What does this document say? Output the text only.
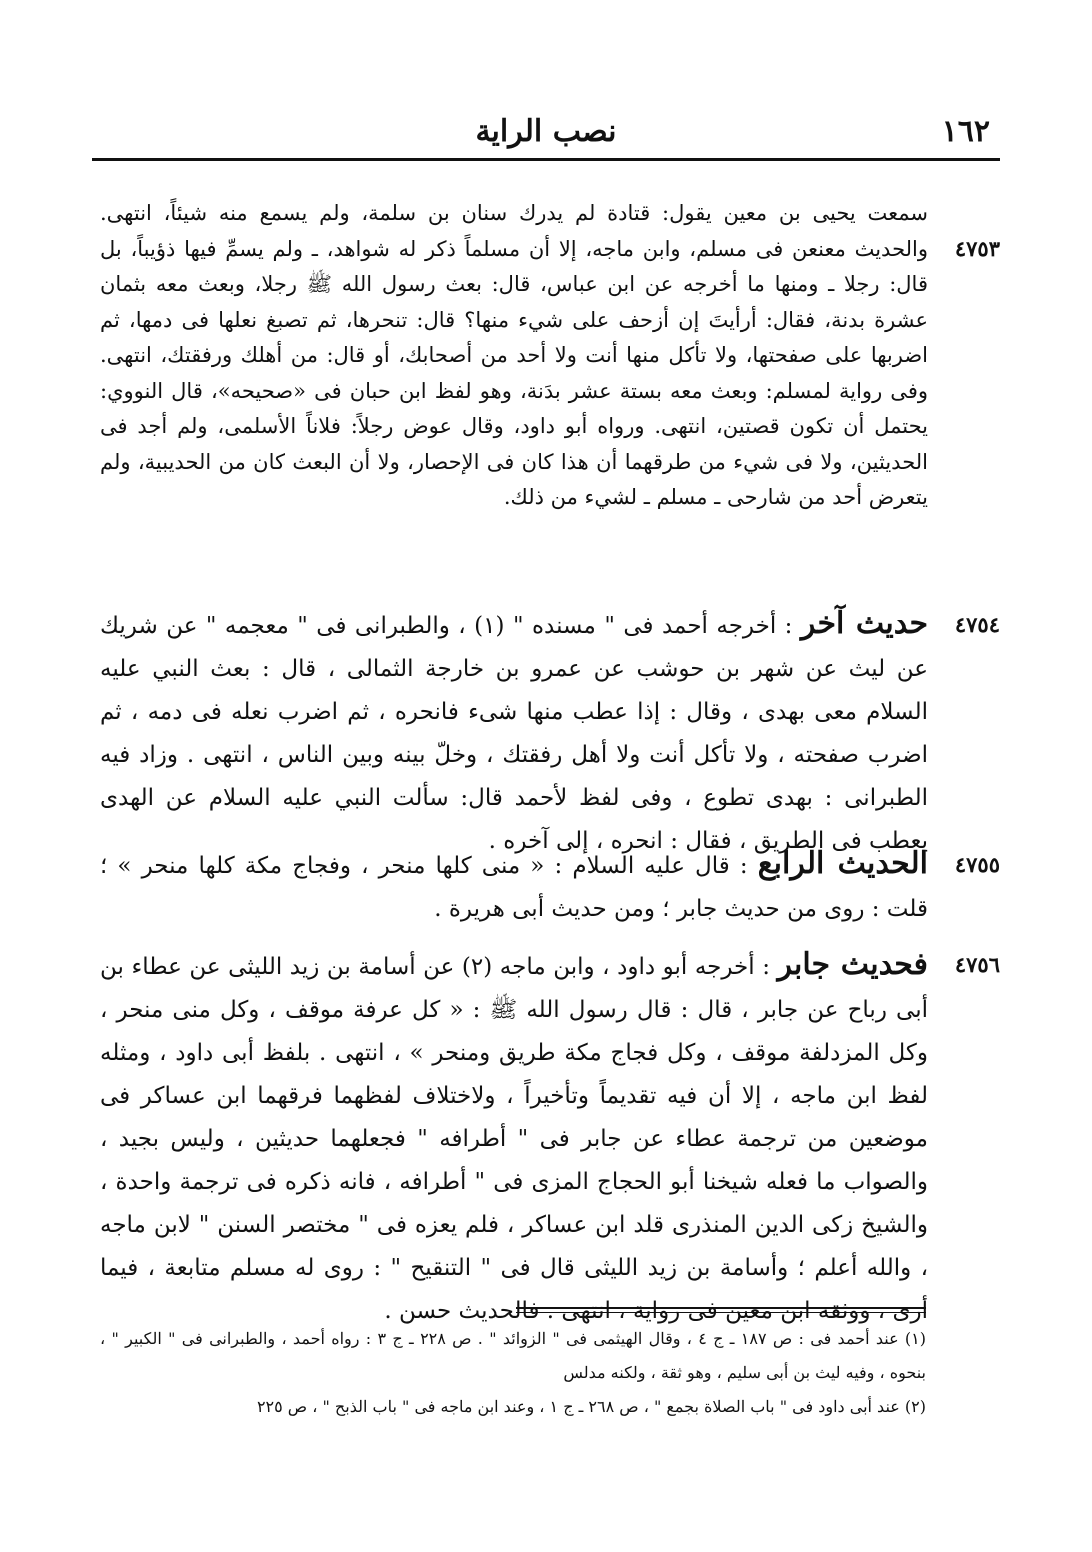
١٦٢
نصب الراية
٤٧٥٣
سمعت يحيى بن معين يقول: قتادة لم يدرك سنان بن سلمة، ولم يسمع منه شيئاً، انتهى. والحديث معنعن فى مسلم، وابن ماجه، إلا أن مسلماً ذكر له شواهد، ـ ولم يسمِّ فيها ذؤيباً، بل قال: رجلا ـ ومنها ما أخرجه عن ابن عباس، قال: بعث رسول الله ﷺ رجلا، وبعث معه بثمان عشرة بدنة، فقال: أرأيتَ إن أزحف على شيء منها؟ قال: تنحرها، ثم تصبغ نعلها فى دمها، ثم اضربها على صفحتها، ولا تأكل منها أنت ولا أحد من أصحابك، أو قال: من أهلك ورفقتك، انتهى. وفى رواية لمسلم: وبعث معه بستة عشر بدَنة، وهو لفظ ابن حبان فى «صحيحه»، قال النووي: يحتمل أن تكون قصتين، انتهى. ورواه أبو داود، وقال عوض رجلاً: فلاناً الأسلمى، ولم أجد فى الحديثين، ولا فى شيء من طرقهما أن هذا كان فى الإحصار، ولا أن البعث كان من الحديبية، ولم يتعرض أحد من شارحى ـ مسلم ـ لشيء من ذلك.
٤٧٥٤
حديث آخر : أخرجه أحمد فى " مسنده " (١) ، والطبرانى فى " معجمه " عن شريك عن ليث عن شهر بن حوشب عن عمرو بن خارجة الثمالى ، قال : بعث النبي عليه السلام معى بهدى ، وقال : إذا عطب منها شىء فانحره ، ثم اضرب نعله فى دمه ، ثم اضرب صفحته ، ولا تأكل أنت ولا أهل رفقتك ، وخلّ بينه وبين الناس ، انتهى . وزاد فيه الطبرانى : بهدى تطوع ، وفى لفظ لأحمد قال: سألت النبي عليه السلام عن الهدى يعطب فى الطريق ، فقال : انحره ، إلى آخره .
٤٧٥٥
الحديث الرابع : قال عليه السلام : « منى كلها منحر ، وفجاج مكة كلها منحر » ؛ قلت : روى من حديث جابر ؛ ومن حديث أبى هريرة .
٤٧٥٦
فحديث جابر : أخرجه أبو داود ، وابن ماجه (٢) عن أسامة بن زيد الليثى عن عطاء بن أبى رباح عن جابر ، قال : قال رسول الله ﷺ : « كل عرفة موقف ، وكل منى منحر ، وكل المزدلفة موقف ، وكل فجاج مكة طريق ومنحر » ، انتهى . بلفظ أبى داود ، ومثله لفظ ابن ماجه ، إلا أن فيه تقديماً وتأخيراً ، ولاختلاف لفظهما فرقهما ابن عساكر فى موضعين من ترجمة عطاء عن جابر فى " أطرافه " فجعلهما حديثين ، وليس بجيد ، والصواب ما فعله شيخنا أبو الحجاج المزى فى " أطرافه ، فانه ذكره فى ترجمة واحدة ، والشيخ زكى الدين المنذرى قلد ابن عساكر ، فلم يعزه فى " مختصر السنن " لابن ماجه ، والله أعلم ؛ وأسامة بن زيد الليثى قال فى " التنقيح " : روى له مسلم متابعة ، فيما أرى ، ووثقه ابن معين فى رواية ، انتهى . فالحديث حسن .

(١) عند أحمد فى : ص ١٨٧ ـ ج ٤ ، وقال الهيثمى فى " الزوائد " . ص ٢٢٨ ـ ج ٣ : رواه أحمد ، والطبرانى فى " الكبير " ، بنحوه ، وفيه ليث بن أبى سليم ، وهو ثقة ، ولكنه مدلس

(٢) عند أبى داود فى " باب الصلاة بجمع " ، ص ٢٦٨ ـ ج ١ ، وعند ابن ماجه فى " باب الذبح " ، ص ٢٢٥
